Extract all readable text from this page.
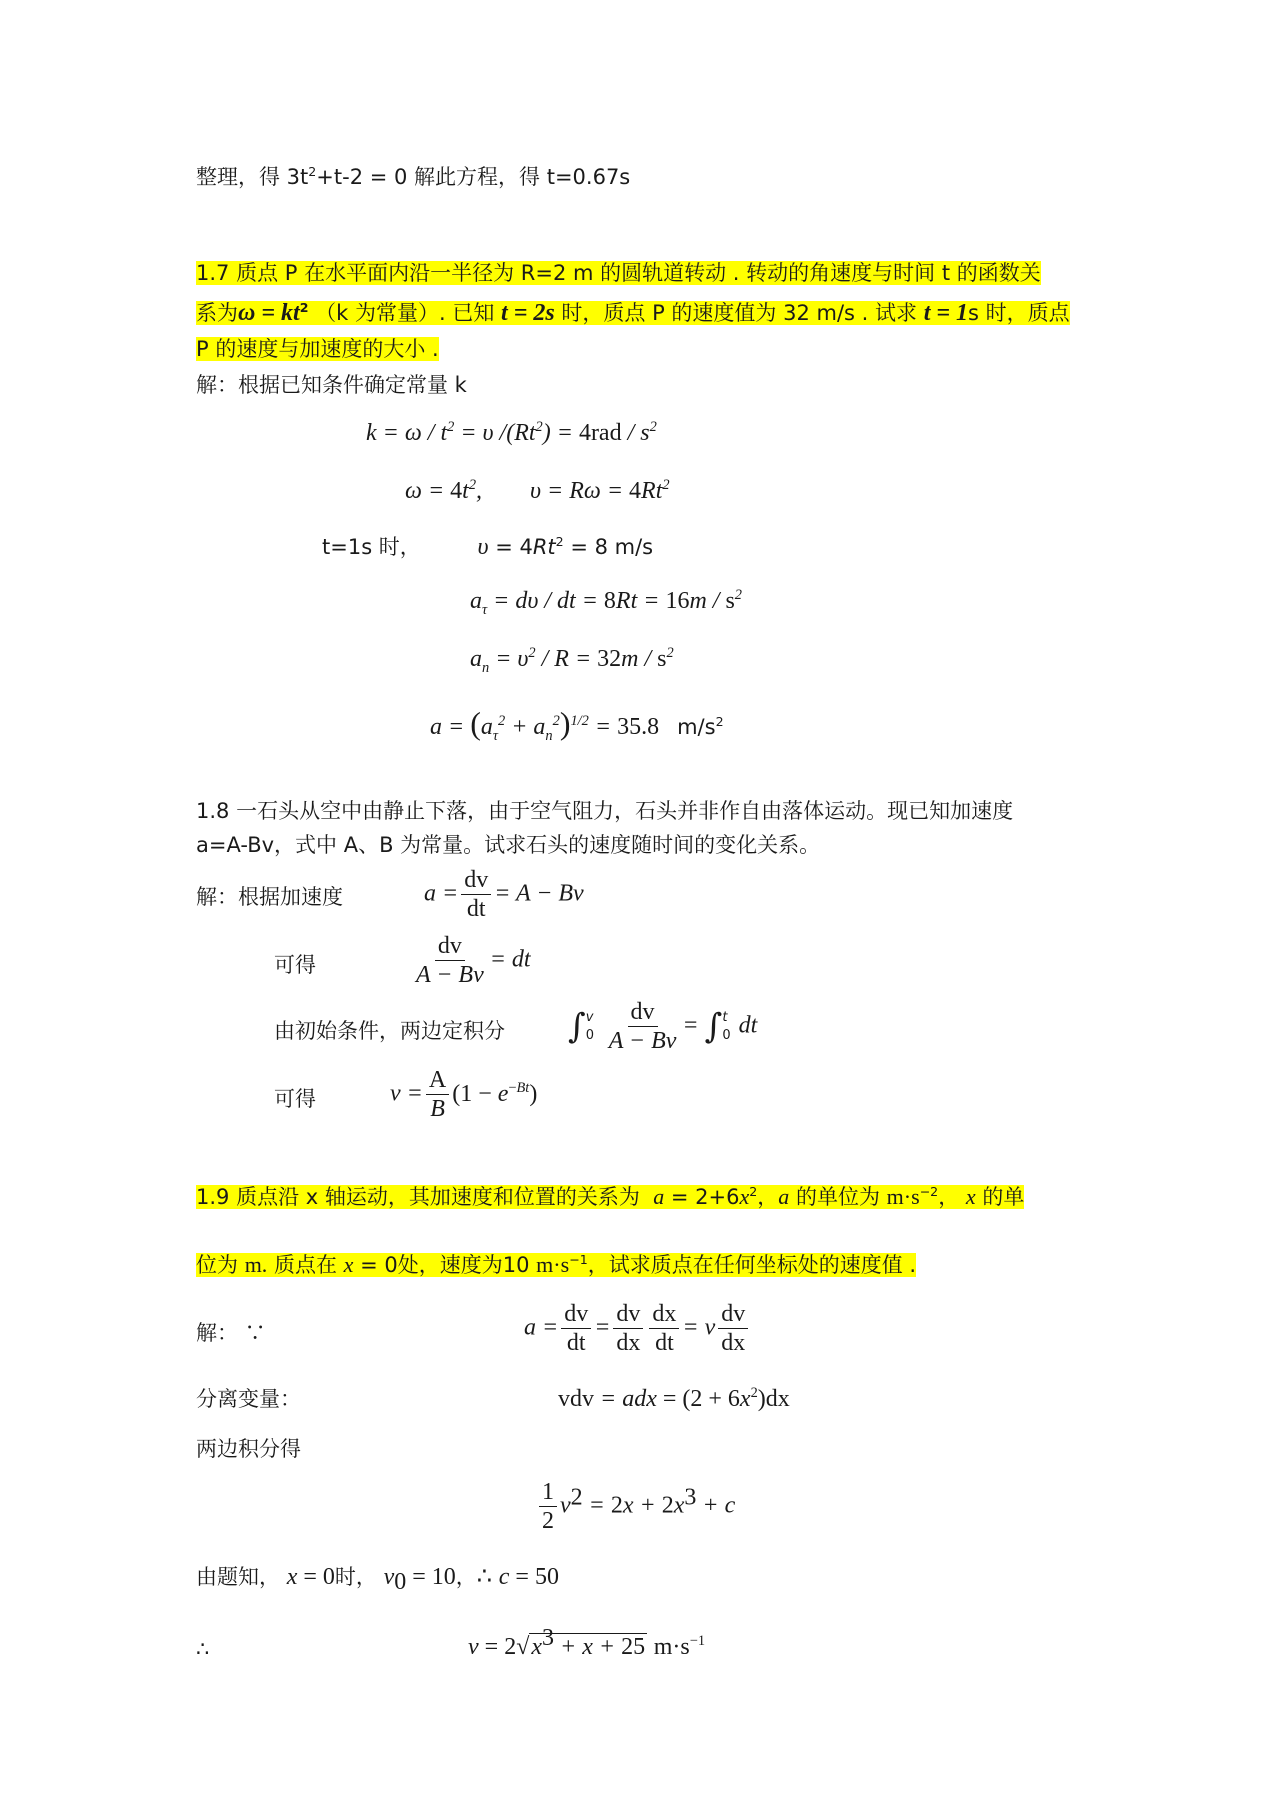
整理，得 $3t^2+t-2 = 0$ 解此方程，得 t=0.67s
1.7 质点 P 在水平面内沿一半径为 R=2 m 的圆轨道转动 . 转动的角速度与时间 t 的函数关
系为$\omega = kt^2$ （k 为常量）. 已知 t = 2s 时，质点 P 的速度值为 32 m/s . 试求 t = 1s 时，质点
P 的速度与加速度的大小 .
解：根据已知条件确定常量 k
$k = \omega / t^2 = \upsilon$ $/(Rt^2) = 4rad / s^2$
$\omega = 4t^2$,        $\upsilon = R\omega = 4Rt^2$
t=1s 时， $\upsilon = 4Rt^2 = 8$ m/s
$a_\tau = d\upsilon$ / dt = $8Rt = 16m / s^2$
$a_n = \upsilon^2 / R = 32m / s^2$
$a = (a_\tau^2 + a_n^2)^{1/2} = 35.8$ $m/s^2$
1.8 一石头从空中由静止下落，由于空气阻力，石头并非作自由落体运动。现已知加速度
a=A-Bv，式中 A、B 为常量。试求石头的速度随时间的变化关系。
解：根据加速度	$a = \frac{dv}{dt} = A - Bv$
可得	$\frac{dv}{A - Bv}$ = dt
由初始条件，两边定积分 ∫v
$0 \frac{dv}{A - Bv} = \int t$
0 dt
可得	$v = \frac{A}{B} (1 - e^{-Bt})$
1.9 质点沿 x 轴运动，其加速度和位置的关系为 $a = 2+6x^2$，a 的单位为 $m\cdot s^{-2}$， x 的单
位为 m. 质点在 x = 0处，速度为10 $m\cdot s^{-1}$，试求质点在任何坐标处的速度值 .
解： ∵	$a = \frac{dv}{dt} = \frac{dv}{dx} \frac{dx}{dt} = v \frac{dv}{dx}$
分离变量：	vdv = adx = $(2 + 6x^2)dx$
两边积分得
$\frac{1}{2} v^2 = 2x + 2x^3 + c$
由题知， x = 0时， $v_0 = 10$，∴ c = 50
∴	$v = 2√x^3 + x + 25$ $m\cdot s^{-1}$
